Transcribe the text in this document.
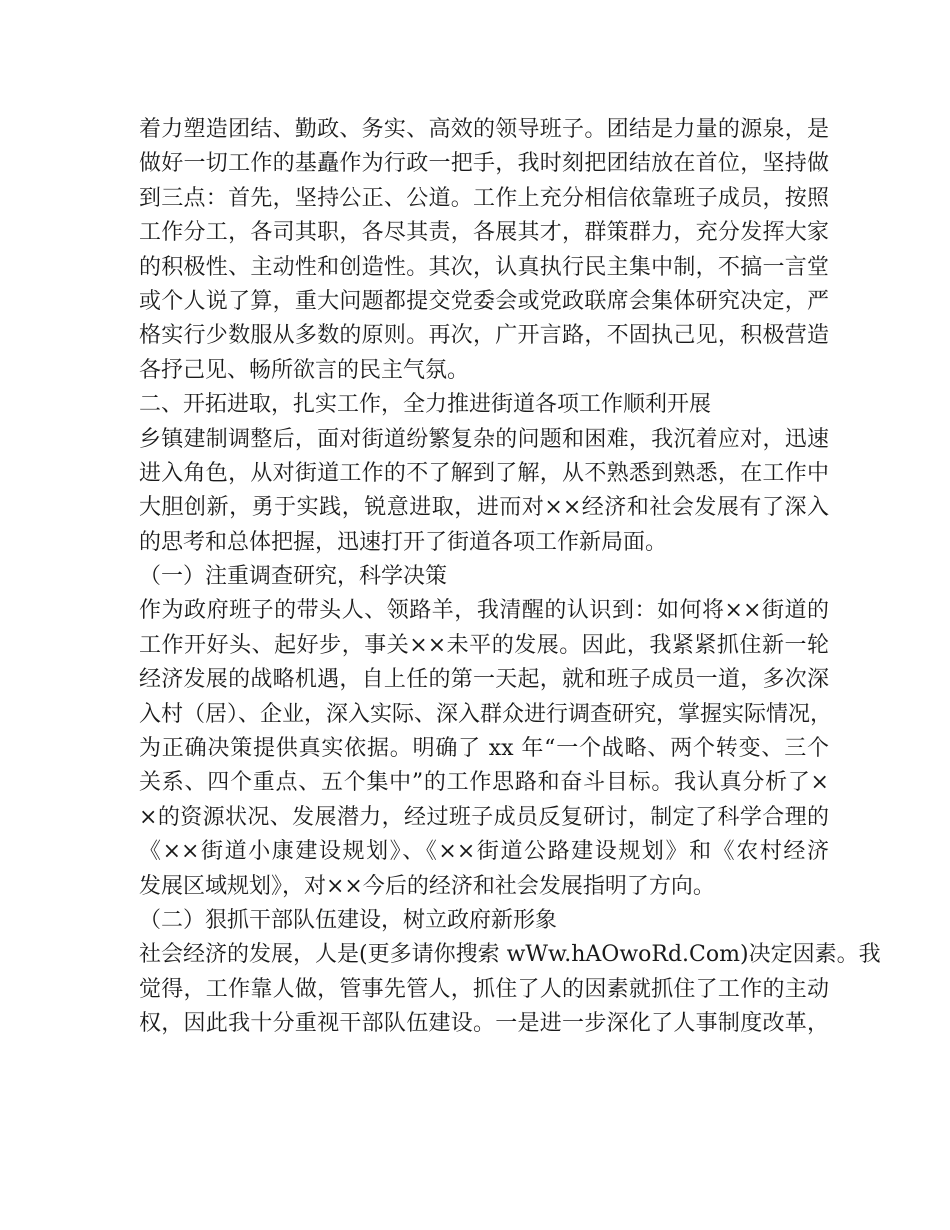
着力塑造团结、勤政、务实、高效的领导班子。团结是力量的源泉，是
做好一切工作的基矗作为行政一把手，我时刻把团结放在首位，坚持做
到三点：首先，坚持公正、公道。工作上充分相信依靠班子成员，按照
工作分工，各司其职，各尽其责，各展其才，群策群力，充分发挥大家
的积极性、主动性和创造性。其次，认真执行民主集中制，不搞一言堂
或个人说了算，重大问题都提交党委会或党政联席会集体研究决定，严
格实行少数服从多数的原则。再次，广开言路，不固执己见，积极营造
各抒己见、畅所欲言的民主气氛。
二、开拓进取，扎实工作，全力推进街道各项工作顺利开展
乡镇建制调整后，面对街道纷繁复杂的问题和困难，我沉着应对，迅速
进入角色，从对街道工作的不了解到了解，从不熟悉到熟悉，在工作中
大胆创新，勇于实践，锐意进取，进而对××经济和社会发展有了深入
的思考和总体把握，迅速打开了街道各项工作新局面。
（一）注重调查研究，科学决策
作为政府班子的带头人、领路羊，我清醒的认识到：如何将××街道的
工作开好头、起好步，事关××未平的发展。因此，我紧紧抓住新一轮
经济发展的战略机遇，自上任的第一天起，就和班子成员一道，多次深
入村（居）、企业，深入实际、深入群众进行调查研究，掌握实际情况，
为正确决策提供真实依据。明确了 xx 年“一个战略、两个转变、三个
关系、四个重点、五个集中”的工作思路和奋斗目标。我认真分析了×
×的资源状况、发展潜力，经过班子成员反复研讨，制定了科学合理的
《××街道小康建设规划》、《××街道公路建设规划》和《农村经济
发展区域规划》，对××今后的经济和社会发展指明了方向。
（二）狠抓干部队伍建设，树立政府新形象
社会经济的发展，人是(更多请你搜索 wWw.hAOwoRd.Com)决定因素。我
觉得，工作靠人做，管事先管人，抓住了人的因素就抓住了工作的主动
权，因此我十分重视干部队伍建设。一是进一步深化了人事制度改革，
